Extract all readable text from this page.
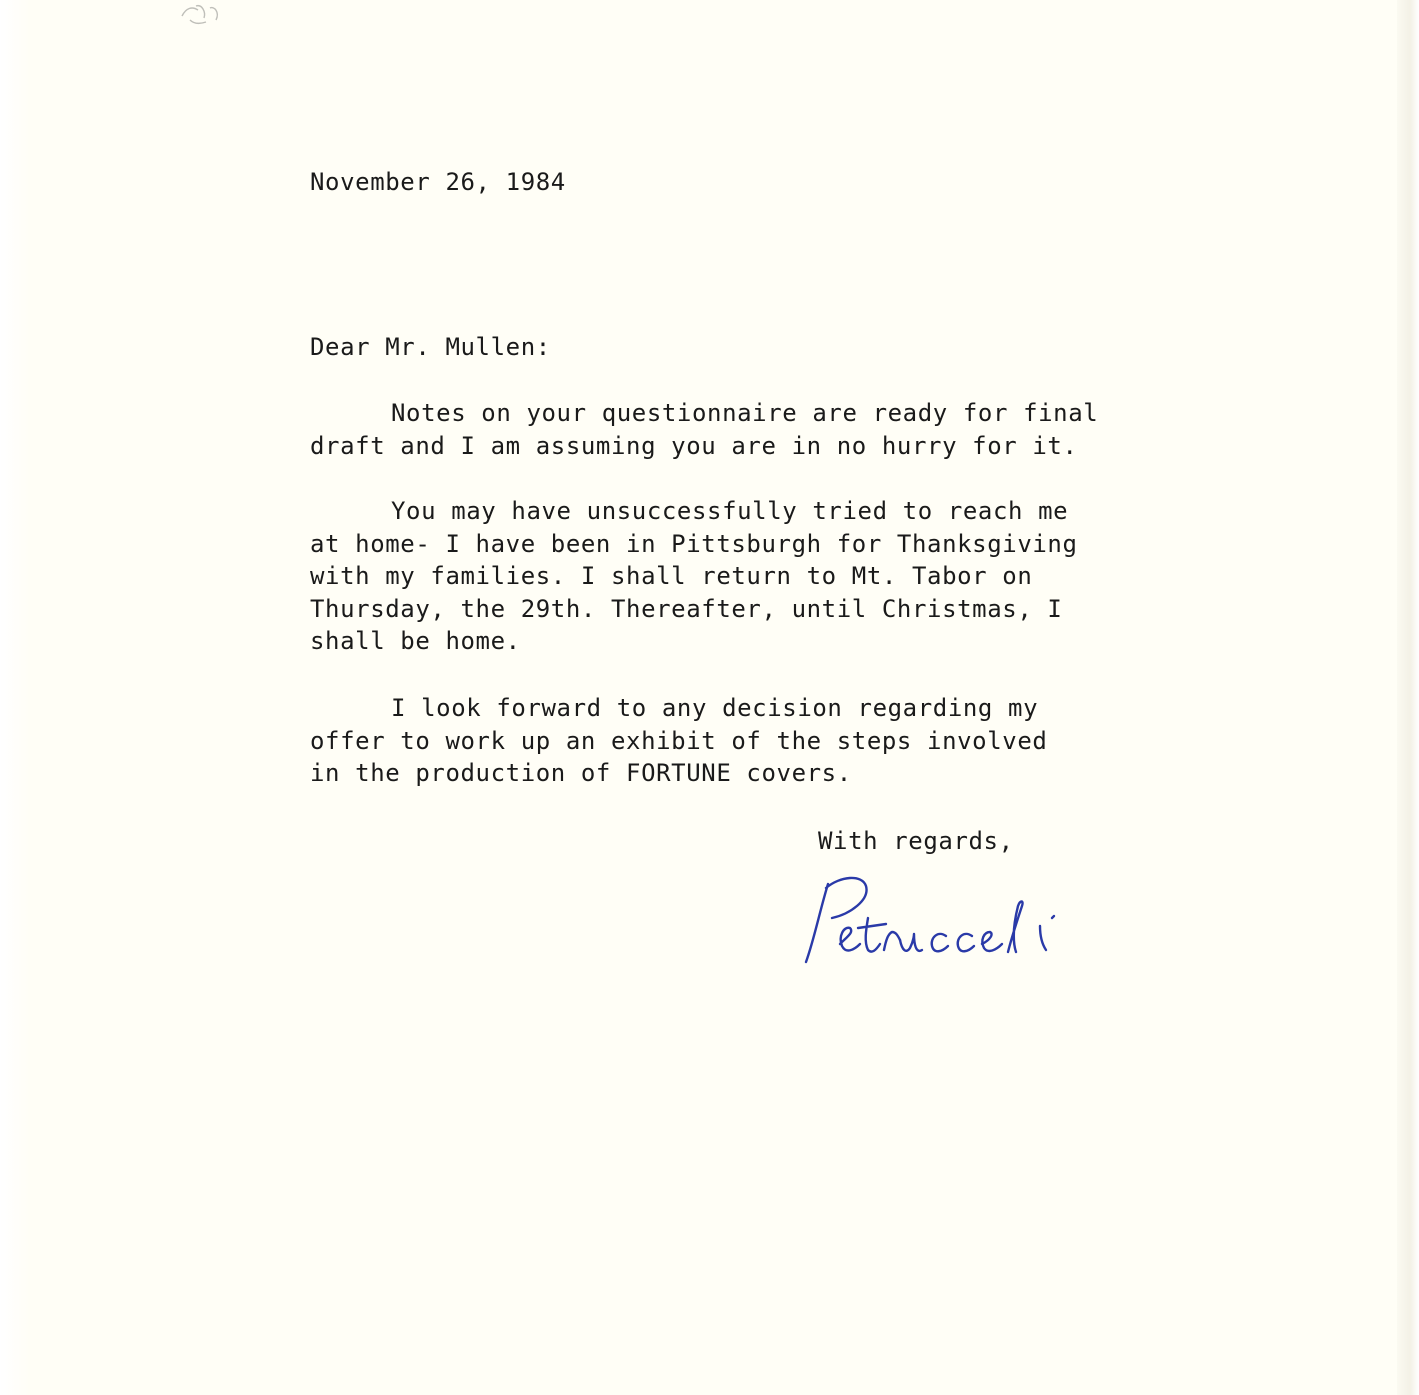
November 26, 1984
Dear Mr. Mullen:
Notes on your questionnaire are ready for final
draft and I am assuming you are in no hurry for it.
You may have unsuccessfully tried to reach me
at home- I have been in Pittsburgh for Thanksgiving
with my families. I shall return to Mt. Tabor on
Thursday, the 29th. Thereafter, until Christmas, I
shall be home.
I look forward to any decision regarding my
offer to work up an exhibit of the steps involved
in the production of FORTUNE covers.
With regards,
